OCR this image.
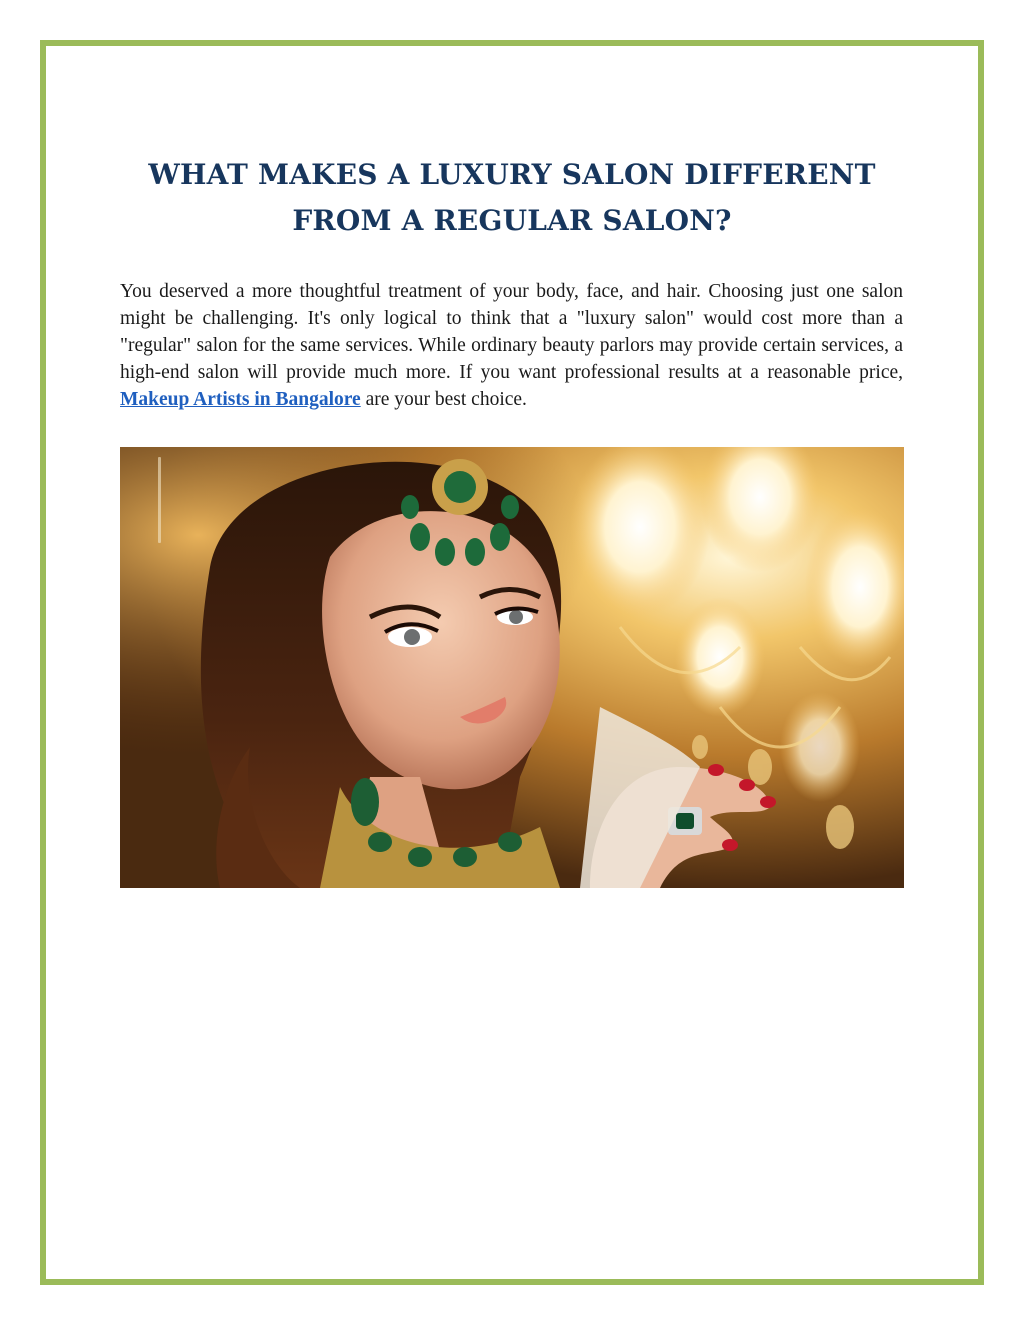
WHAT MAKES A LUXURY SALON DIFFERENT FROM A REGULAR SALON?

You deserved a more thoughtful treatment of your body, face, and hair. Choosing just one salon might be challenging. It's only logical to think that a "luxury salon" would cost more than a "regular" salon for the same services. While ordinary beauty parlors may provide certain services, a high-end salon will provide much more. If you want professional results at a reasonable price, Makeup Artists in Bangalore are your best choice.
